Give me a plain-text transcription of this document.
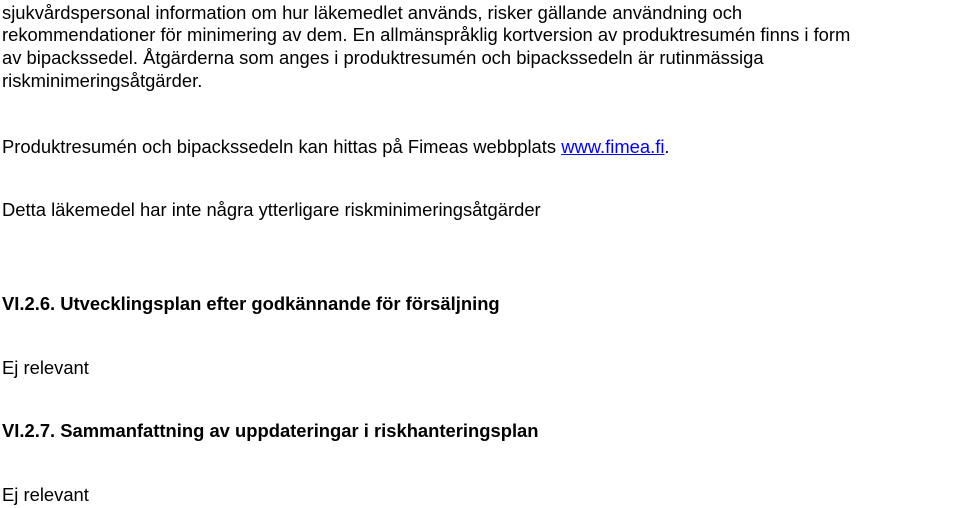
sjukvårdspersonal information om hur läkemedlet används, risker gällande användning och
rekommendationer för minimering av dem. En allmänspråklig kortversion av produktresumén finns i form
av bipackssedel. Åtgärderna som anges i produktresumén och bipackssedeln är rutinmässiga
riskminimeringsåtgärder.
Produktresumén och bipackssedeln kan hittas på Fimeas webbplats www.fimea.fi.
Detta läkemedel har inte några ytterligare riskminimeringsåtgärder
VI.2.6. Utvecklingsplan efter godkännande för försäljning
Ej relevant
VI.2.7. Sammanfattning av uppdateringar i riskhanteringsplan
Ej relevant
